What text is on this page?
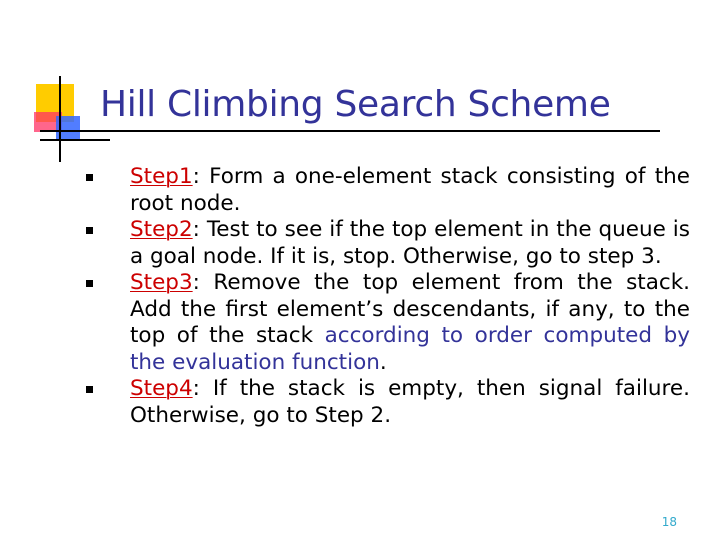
Hill Climbing Search Scheme
Step1: Form a one-element stack consisting of the root node.
Step2: Test to see if the top element in the queue is a goal node. If it is, stop. Otherwise, go to step 3.
Step3: Remove the top element from the stack. Add the first element’s descendants, if any, to the top of the stack according to order computed by the evaluation function.
Step4: If the stack is empty, then signal failure. Otherwise, go to Step 2.
18
